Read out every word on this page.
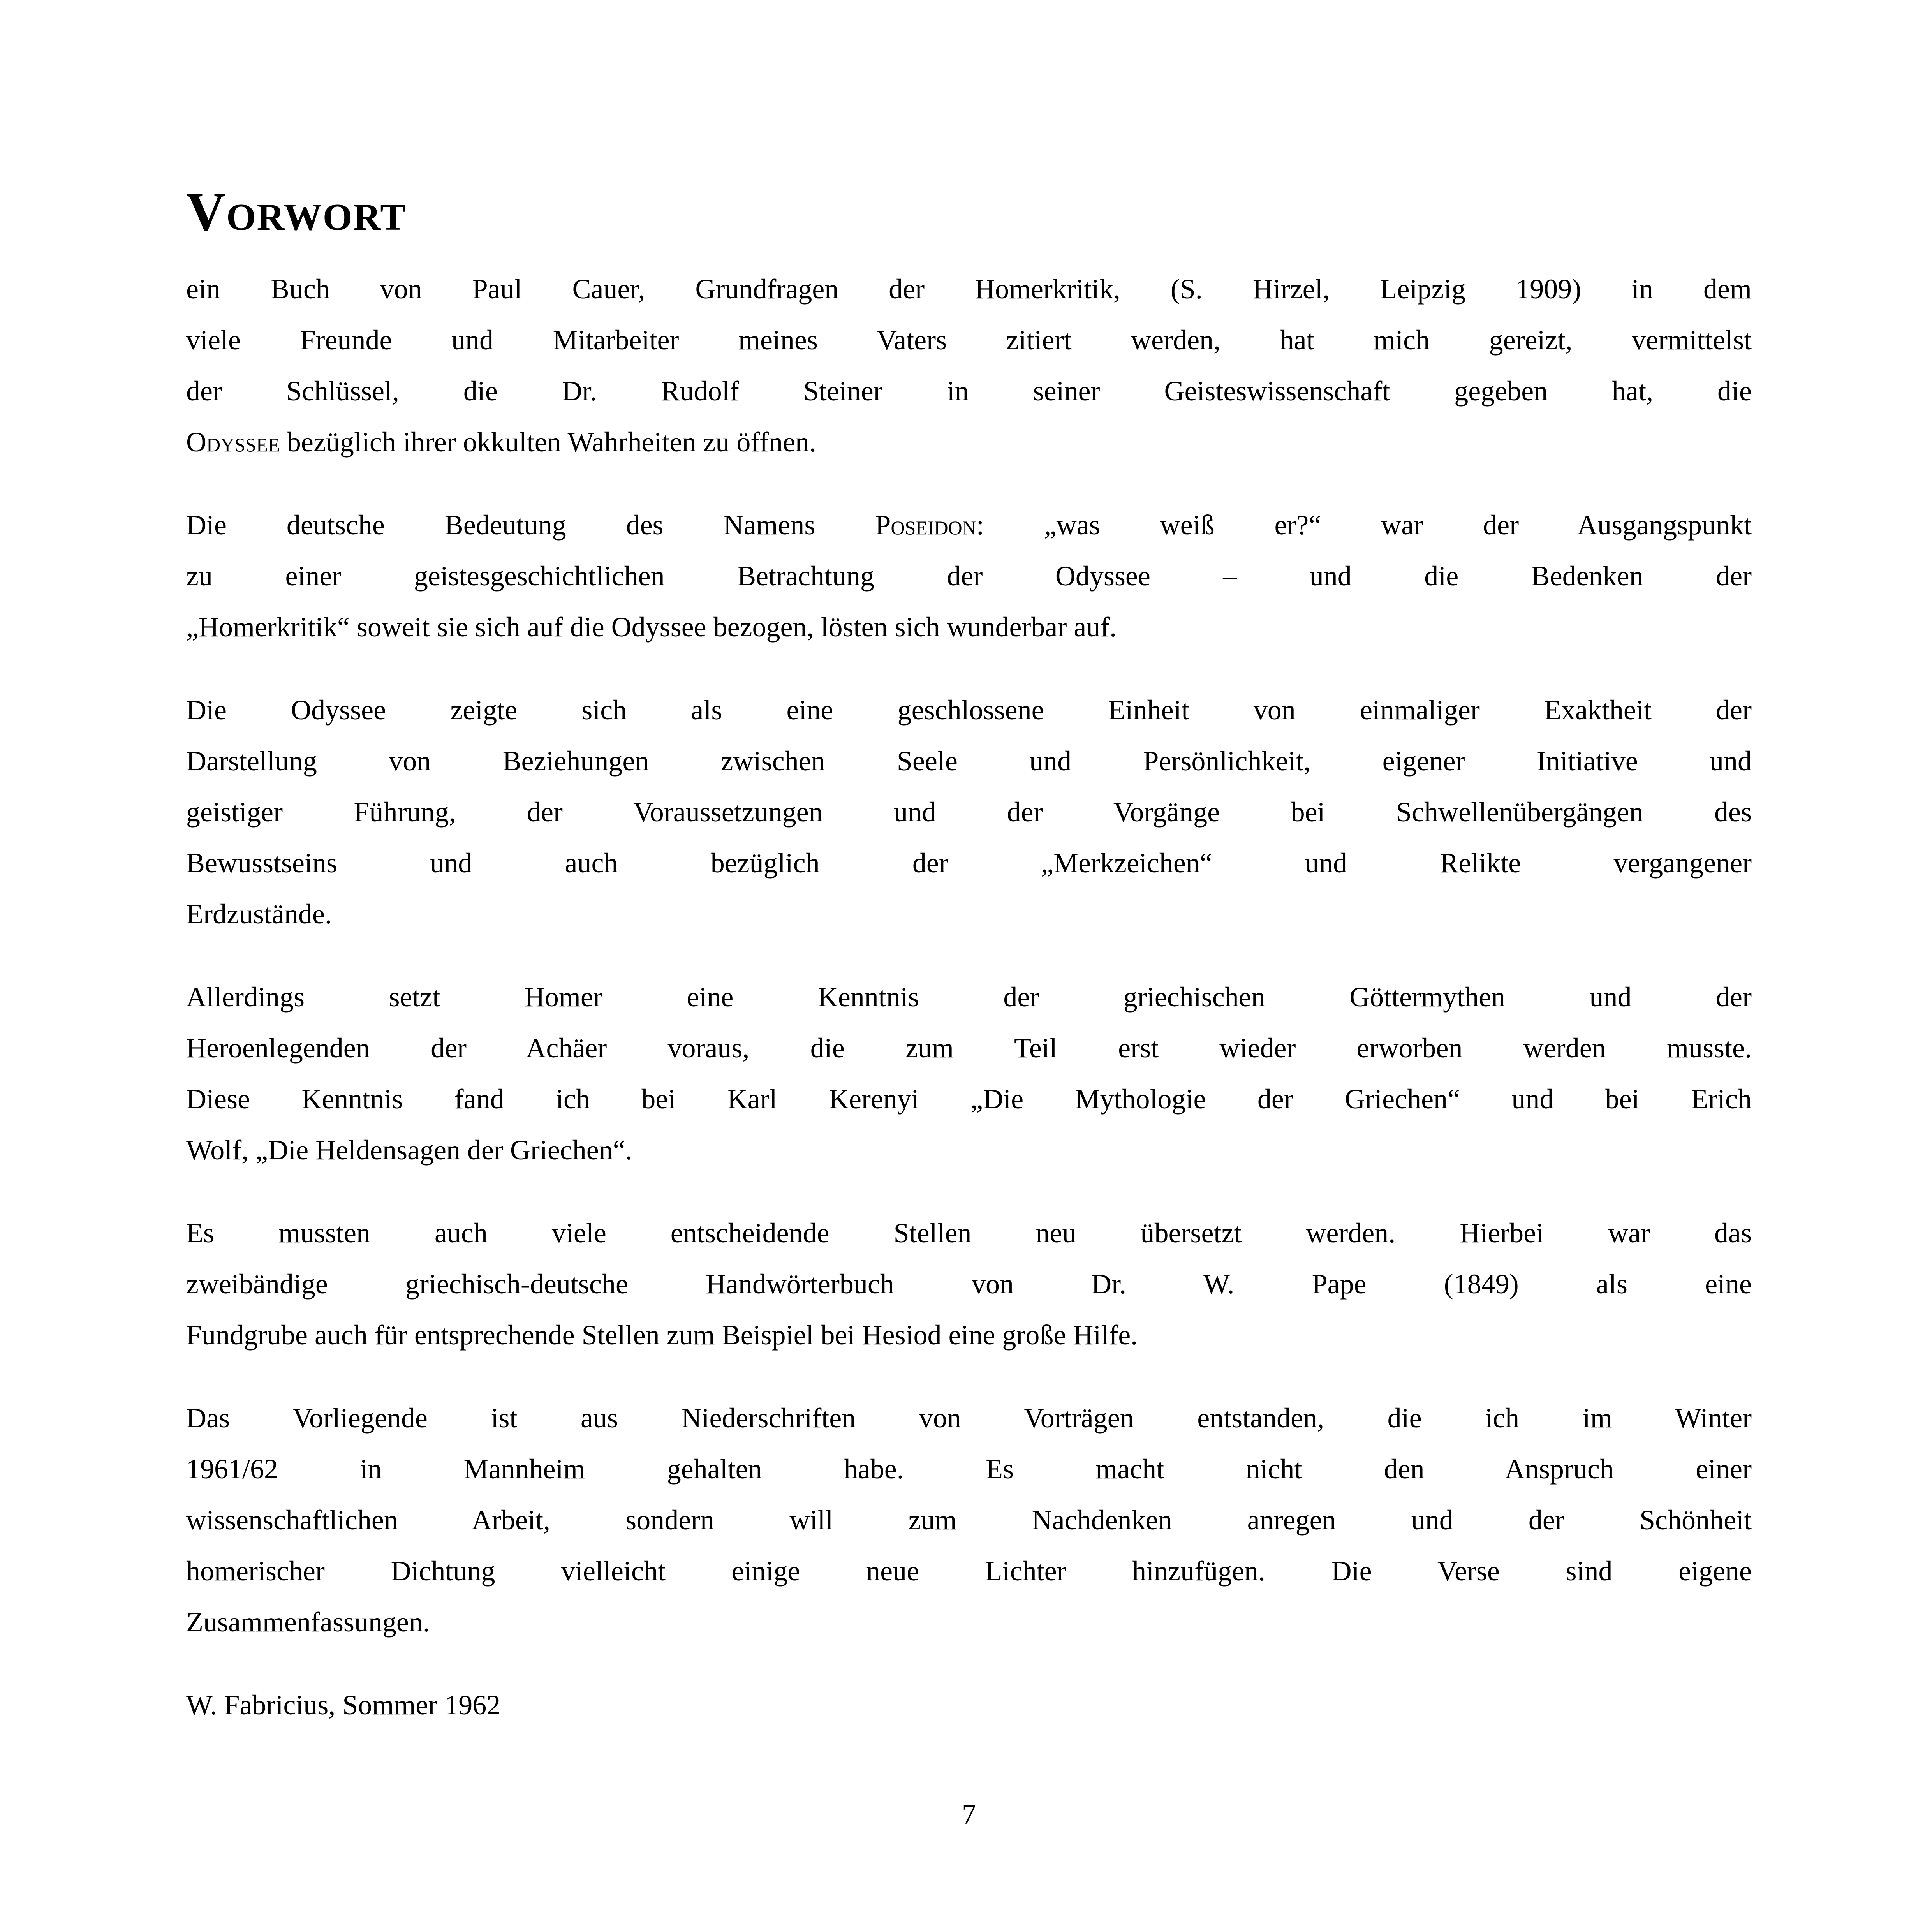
Vorwort
ein Buch von Paul Cauer, Grundfragen der Homerkritik, (S. Hirzel, Leipzig 1909) in dem
viele Freunde und Mitarbeiter meines Vaters zitiert werden, hat mich gereizt, vermittelst
der Schlüssel, die Dr. Rudolf Steiner in seiner Geisteswissenschaft gegeben hat, die
Odyssee bezüglich ihrer okkulten Wahrheiten zu öffnen.
Die deutsche Bedeutung des Namens Poseidon: „was weiß er?“ war der Ausgangspunkt
zu einer geistesgeschichtlichen Betrachtung der Odyssee – und die Bedenken der
„Homerkritik“ soweit sie sich auf die Odyssee bezogen, lösten sich wunderbar auf.
Die Odyssee zeigte sich als eine geschlossene Einheit von einmaliger Exaktheit der
Darstellung von Beziehungen zwischen Seele und Persönlichkeit, eigener Initiative und
geistiger Führung, der Voraussetzungen und der Vorgänge bei Schwellenübergängen des
Bewusstseins und auch bezüglich der „Merkzeichen“ und Relikte vergangener
Erdzustände.
Allerdings setzt Homer eine Kenntnis der griechischen Göttermythen und der
Heroenlegenden der Achäer voraus, die zum Teil erst wieder erworben werden musste.
Diese Kenntnis fand ich bei Karl Kerenyi „Die Mythologie der Griechen“ und bei Erich
Wolf, „Die Heldensagen der Griechen“.
Es mussten auch viele entscheidende Stellen neu übersetzt werden. Hierbei war das
zweibändige griechisch-deutsche Handwörterbuch von Dr. W. Pape (1849) als eine
Fundgrube auch für entsprechende Stellen zum Beispiel bei Hesiod eine große Hilfe.
Das Vorliegende ist aus Niederschriften von Vorträgen entstanden, die ich im Winter
1961/62 in Mannheim gehalten habe. Es macht nicht den Anspruch einer
wissenschaftlichen Arbeit, sondern will zum Nachdenken anregen und der Schönheit
homerischer Dichtung vielleicht einige neue Lichter hinzufügen. Die Verse sind eigene
Zusammenfassungen.
W. Fabricius, Sommer 1962
7
